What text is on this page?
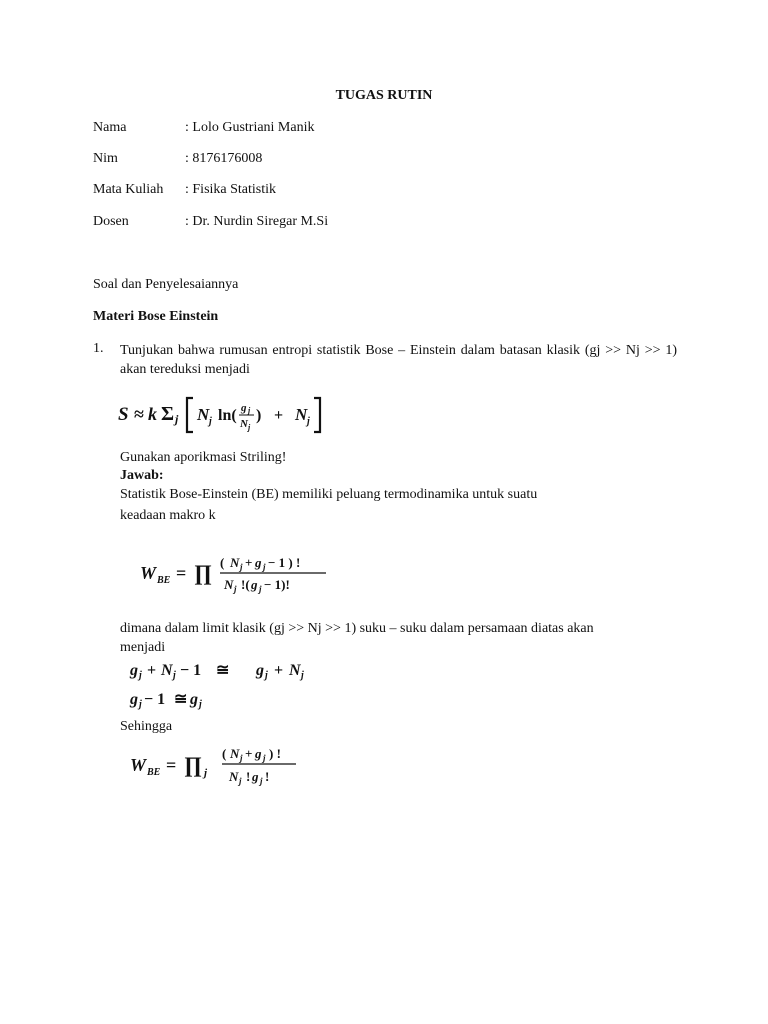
TUGAS RUTIN
Nama	: Lolo Gustriani Manik
Nim	: 8176176008
Mata Kuliah : Fisika Statistik
Dosen	: Dr. Nurdin Siregar M.Si
Soal dan Penyelesaiannya
Materi Bose Einstein
1. Tunjukan bahwa rumusan entropi statistik Bose – Einstein dalam batasan klasik (gj >> Nj >> 1) akan tereduksi menjadi
S ≈ k Σ j N j ln( g j
N j
) + N j
Gunakan aporikmasi Striling!
Jawab:
Statistik Bose-Einstein (BE) memiliki peluang termodinamika untuk suatu
keadaan makro k
W BE = ∏ ( N j + g j − 1 ) !
N j !( g j − 1)!
dimana dalam limit klasik (gj >> Nj >> 1) suku – suku dalam persamaan diatas akan
menjadi
g j + N j − 1 ≅ g j + N j
g j − 1 ≅ g j
Sehingga
W BE = ∏ j
( N j + g j ) !
N j ! g j !
